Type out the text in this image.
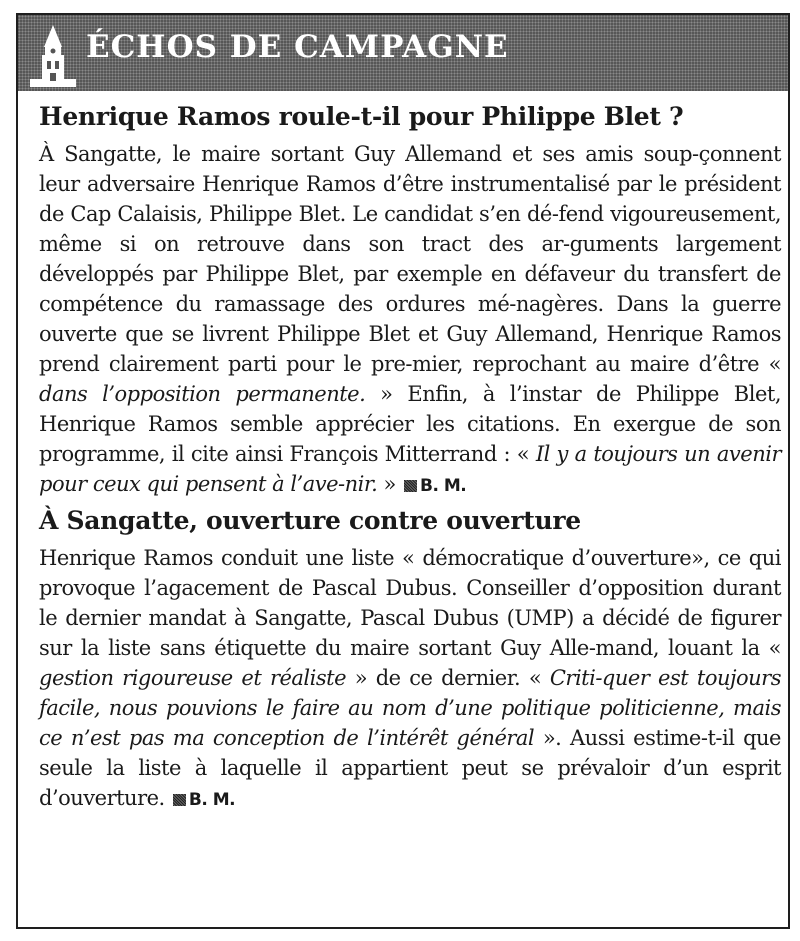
ÉCHOS DE CAMPAGNE
Henrique Ramos roule-t-il pour Philippe Blet ?

À Sangatte, le maire sortant Guy Allemand et ses amis soup-çonnent leur adversaire Henrique Ramos d’être instrumentalisé par le président de Cap Calaisis, Philippe Blet. Le candidat s’en dé-fend vigoureusement, même si on retrouve dans son tract des ar-guments largement développés par Philippe Blet, par exemple en défaveur du transfert de compétence du ramassage des ordures mé-nagères. Dans la guerre ouverte que se livrent Philippe Blet et Guy Allemand, Henrique Ramos prend clairement parti pour le pre-mier, reprochant au maire d’être « dans l’opposition permanente. » Enfin, à l’instar de Philippe Blet, Henrique Ramos semble apprécier les citations. En exergue de son programme, il cite ainsi François Mitterrand : « Il y a toujours un avenir pour ceux qui pensent à l’ave-nir. » B. M.

À Sangatte, ouverture contre ouverture

Henrique Ramos conduit une liste « démocratique d’ouverture», ce qui provoque l’agacement de Pascal Dubus. Conseiller d’opposition durant le dernier mandat à Sangatte, Pascal Dubus (UMP) a décidé de figurer sur la liste sans étiquette du maire sortant Guy Alle-mand, louant la « gestion rigoureuse et réaliste » de ce dernier. « Criti-quer est toujours facile, nous pouvions le faire au nom d’une politique politicienne, mais ce n’est pas ma conception de l’intérêt général ». Aussi estime-t-il que seule la liste à laquelle il appartient peut se prévaloir d’un esprit d’ouverture. B. M.
